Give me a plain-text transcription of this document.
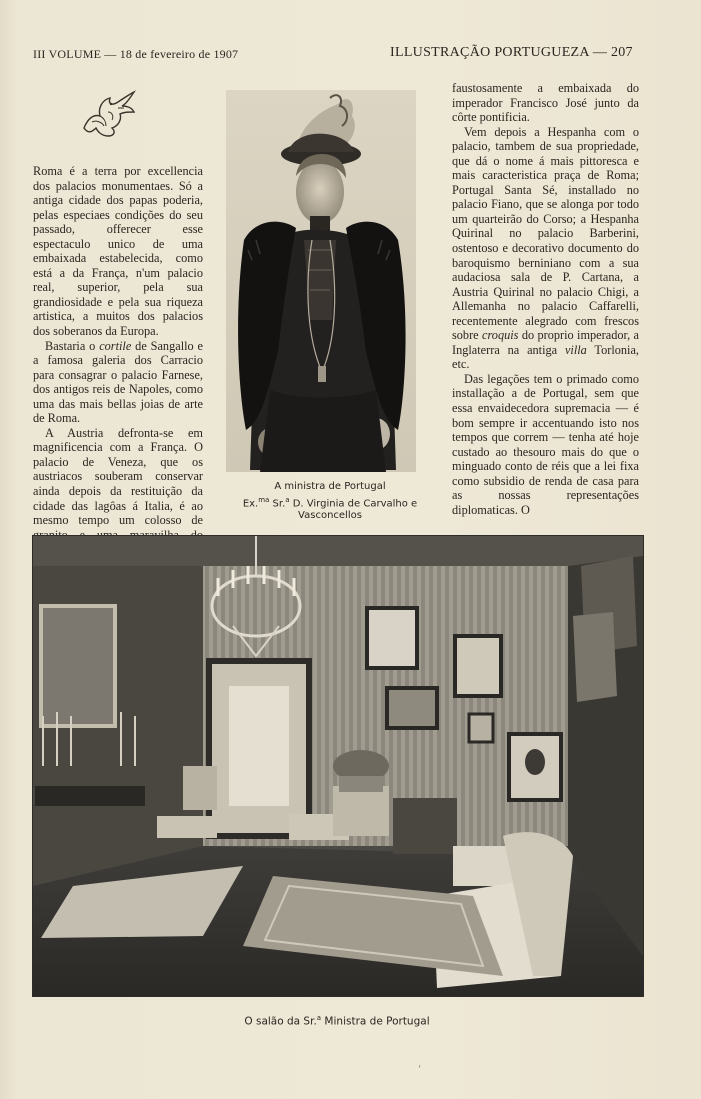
III VOLUME — 18 de fevereiro de 1907	ILLUSTRAÇÃO PORTUGUEZA — 207

Roma é a terra por excellencia dos palacios monumentaes. Só a antiga cidade dos papas poderia, pelas especiaes condições do seu passado, offerecer esse espectaculo unico de uma embaixada estabelecida, como está a da França, n'um palacio real, superior, pela sua grandiosidade e pela sua riqueza artistica, a muitos dos palacios dos soberanos da Europa.

Bastaria o cortile de Sangallo e a famosa galeria dos Carracio para consagrar o palacio Farnese, dos antigos reis de Napoles, como uma das mais bellas joias de arte de Roma.

A Austria defronta-se em magnificencia com a França. O palacio de Veneza, que os austriacos souberam conservar ainda depois da restituição da cidade das lagôas á Italia, é ao mesmo tempo um colosso de

faustosamente a embaixada do imperador Francisco José junto da côrte pontificia.

Vem depois a Hespanha com o palacio, tambem de sua propriedade, que dá o nome á mais pittoresca e mais caracteristica praça de Roma; Portugal Santa Sé, installado no palacio Fiano, que se alonga por todo um quarteirão do Corso; a Hespanha Quirinal no palacio Barberini, ostentoso e decorativo documento do baroquismo berniniano com a sua audaciosa sala de P. Cartana, a Austria Quirinal no palacio Chigi, a Allemanha no palacio Caffarelli, recentemente alegrado com frescos sobre croquis do proprio imperador, a Inglaterra na antiga villa Torlonia, etc.

Das legações tem o primado como installação a de Portugal, sem que essa envaidecedora supremacia — é bom sempre ir accentuando isto nos tempos que correm — tenha até hoje custado ao thesouro mais do que o minguado conto de réis que a lei fixa como subsidio de renda de casa para as nossas representações diplomaticas. O

A ministra de Portugal
Ex.$^{ma}$ Sr.$^a$ D. Virginia de Carvalho e Vasconcellos
O salão da Sr.$^a$ Ministra de Portugal
ʻ
